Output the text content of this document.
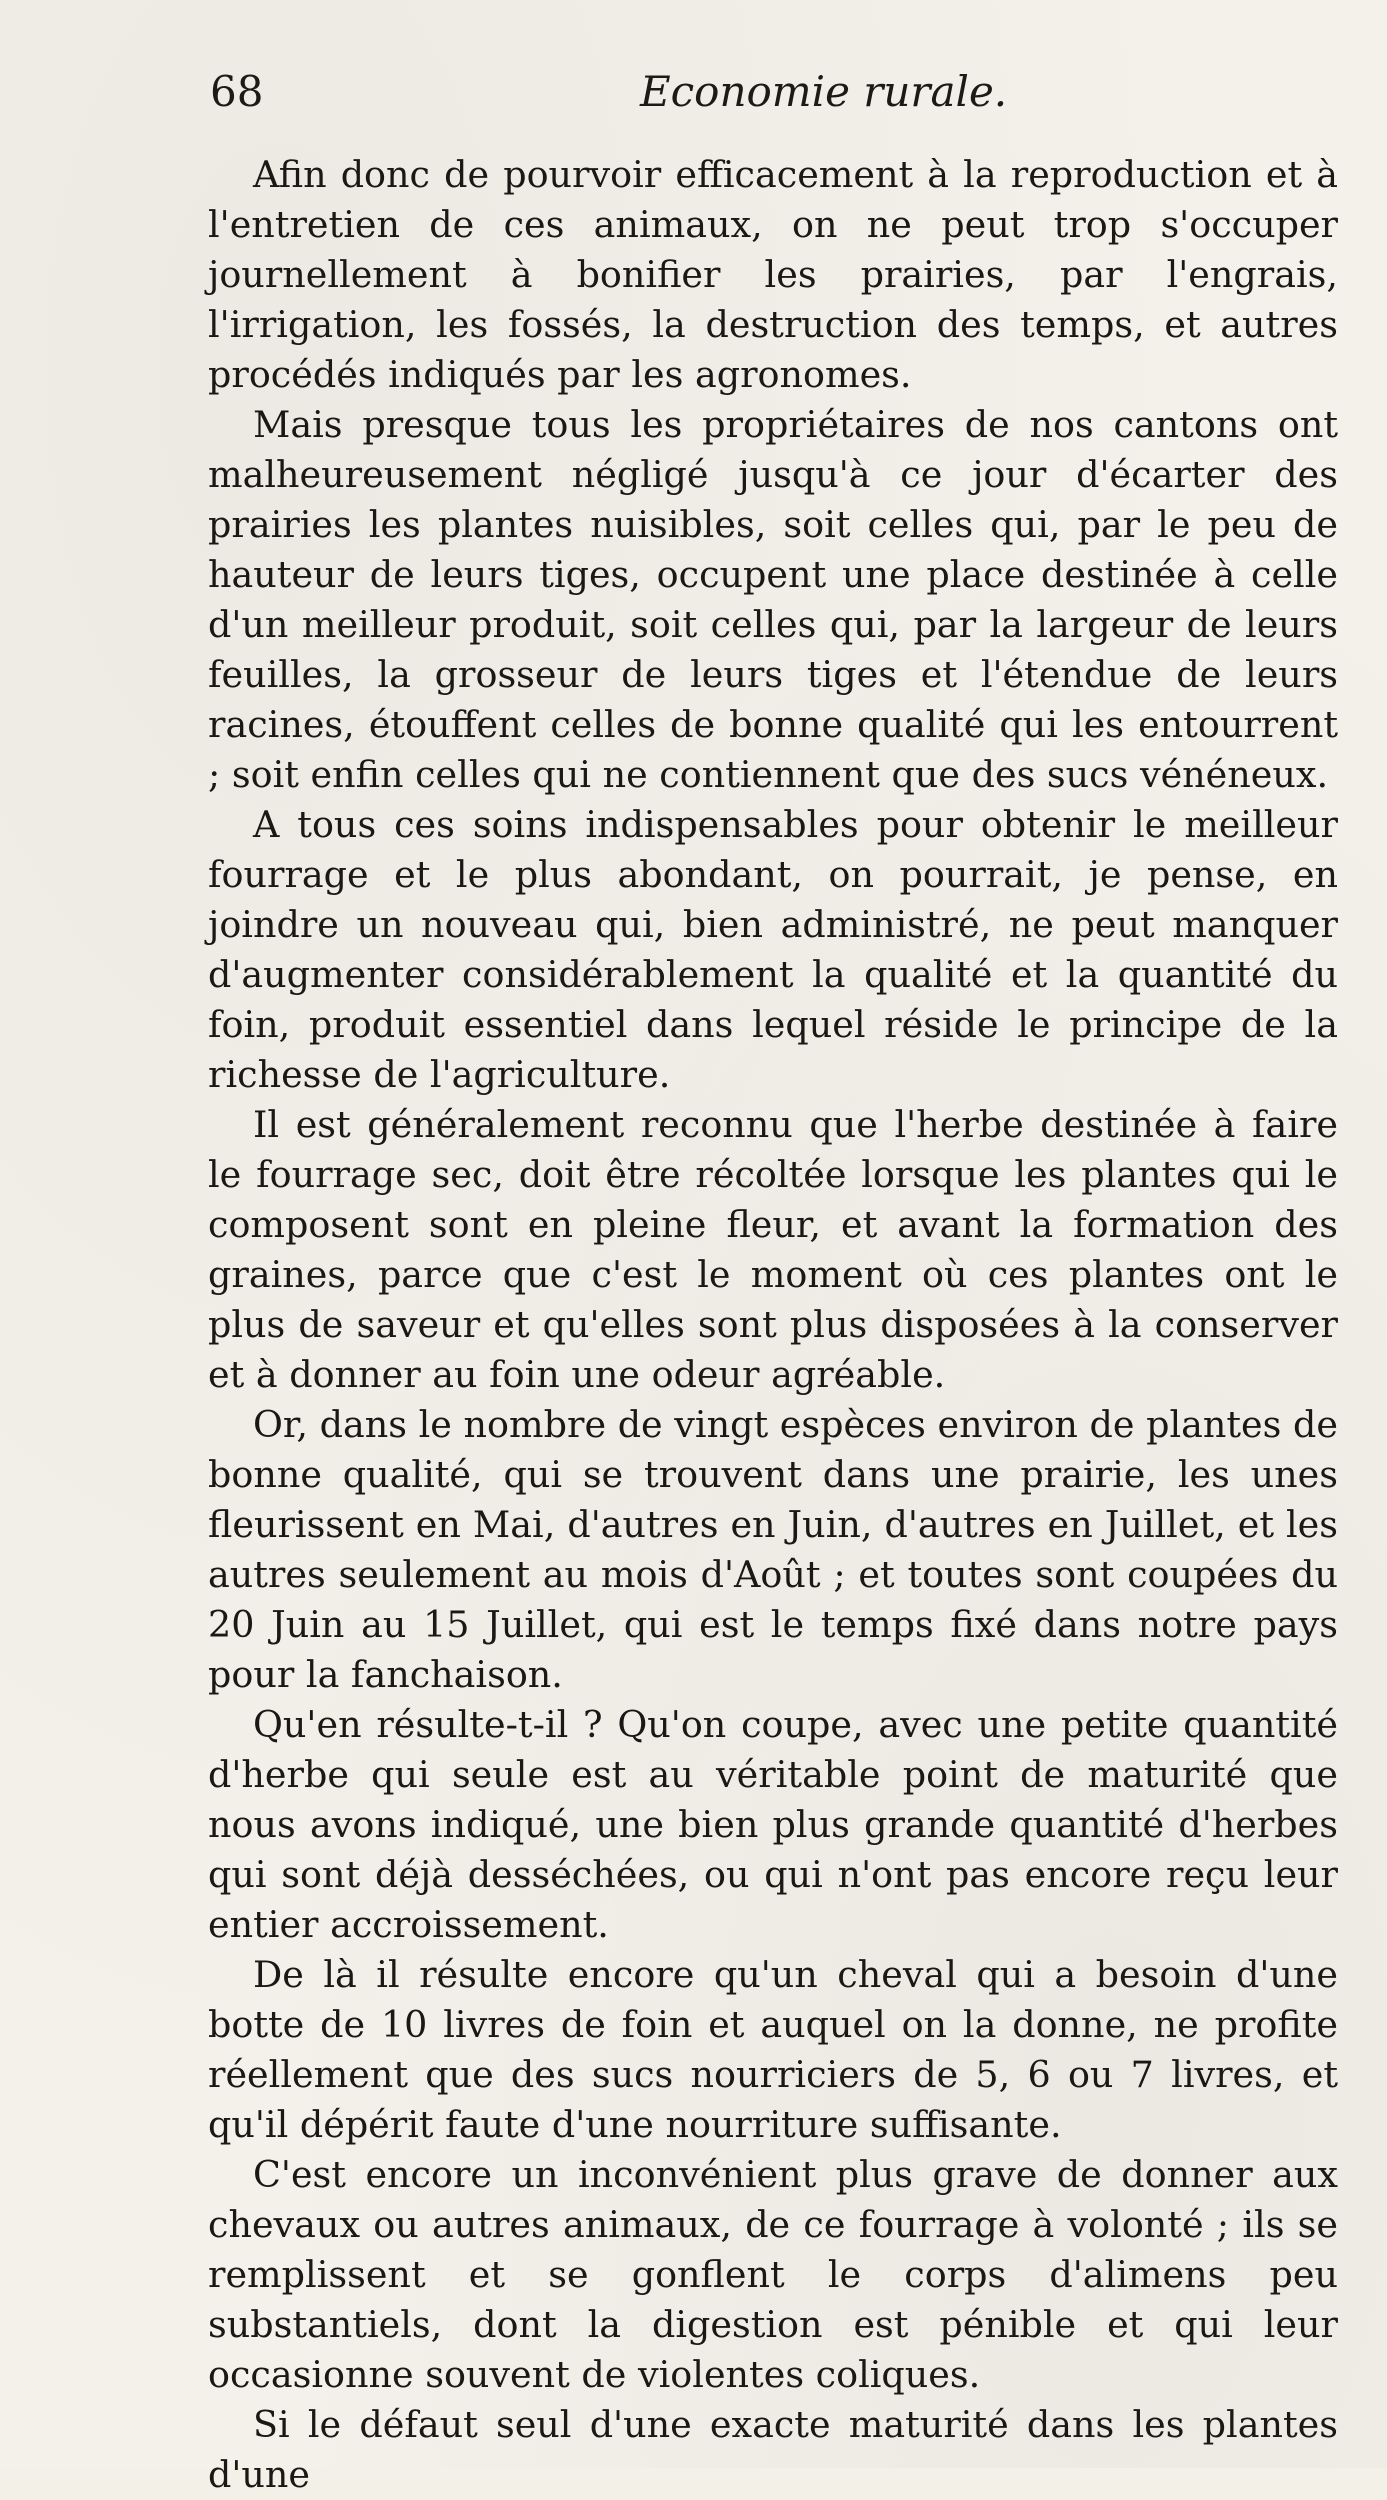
68	Economie rurale.

Afin donc de pourvoir efficacement à la reproduction et à l'entretien de ces animaux, on ne peut trop s'occuper journellement à bonifier les prairies, par l'engrais, l'irrigation, les fossés, la destruction des temps, et autres procédés indiqués par les agronomes.

Mais presque tous les propriétaires de nos cantons ont malheureusement négligé jusqu'à ce jour d'écarter des prairies les plantes nuisibles, soit celles qui, par le peu de hauteur de leurs tiges, occupent une place destinée à celle d'un meilleur produit, soit celles qui, par la largeur de leurs feuilles, la grosseur de leurs tiges et l'étendue de leurs racines, étouffent celles de bonne qualité qui les entourrent ; soit enfin celles qui ne contiennent que des sucs vénéneux.

A tous ces soins indispensables pour obtenir le meilleur fourrage et le plus abondant, on pourrait, je pense, en joindre un nouveau qui, bien administré, ne peut manquer d'augmenter considérablement la qualité et la quantité du foin, produit essentiel dans lequel réside le principe de la richesse de l'agriculture.

Il est généralement reconnu que l'herbe destinée à faire le fourrage sec, doit être récoltée lorsque les plantes qui le composent sont en pleine fleur, et avant la formation des graines, parce que c'est le moment où ces plantes ont le plus de saveur et qu'elles sont plus disposées à la conserver et à donner au foin une odeur agréable.

Or, dans le nombre de vingt espèces environ de plantes de bonne qualité, qui se trouvent dans une prairie, les unes fleurissent en Mai, d'autres en Juin, d'autres en Juillet, et les autres seulement au mois d'Août ; et toutes sont coupées du 20 Juin au 15 Juillet, qui est le temps fixé dans notre pays pour la fanchaison.

Qu'en résulte-t-il ? Qu'on coupe, avec une petite quantité d'herbe qui seule est au véritable point de maturité que nous avons indiqué, une bien plus grande quantité d'herbes qui sont déjà desséchées, ou qui n'ont pas encore reçu leur entier accroissement.

De là il résulte encore qu'un cheval qui a besoin d'une botte de 10 livres de foin et auquel on la donne, ne profite réellement que des sucs nourriciers de 5, 6 ou 7 livres, et qu'il dépérit faute d'une nourriture suffisante.

C'est encore un inconvénient plus grave de donner aux chevaux ou autres animaux, de ce fourrage à volonté ; ils se remplissent et se gonflent le corps d'alimens peu substantiels, dont la digestion est pénible et qui leur occasionne souvent de violentes coliques.

Si le défaut seul d'une exacte maturité dans les plantes d'une
